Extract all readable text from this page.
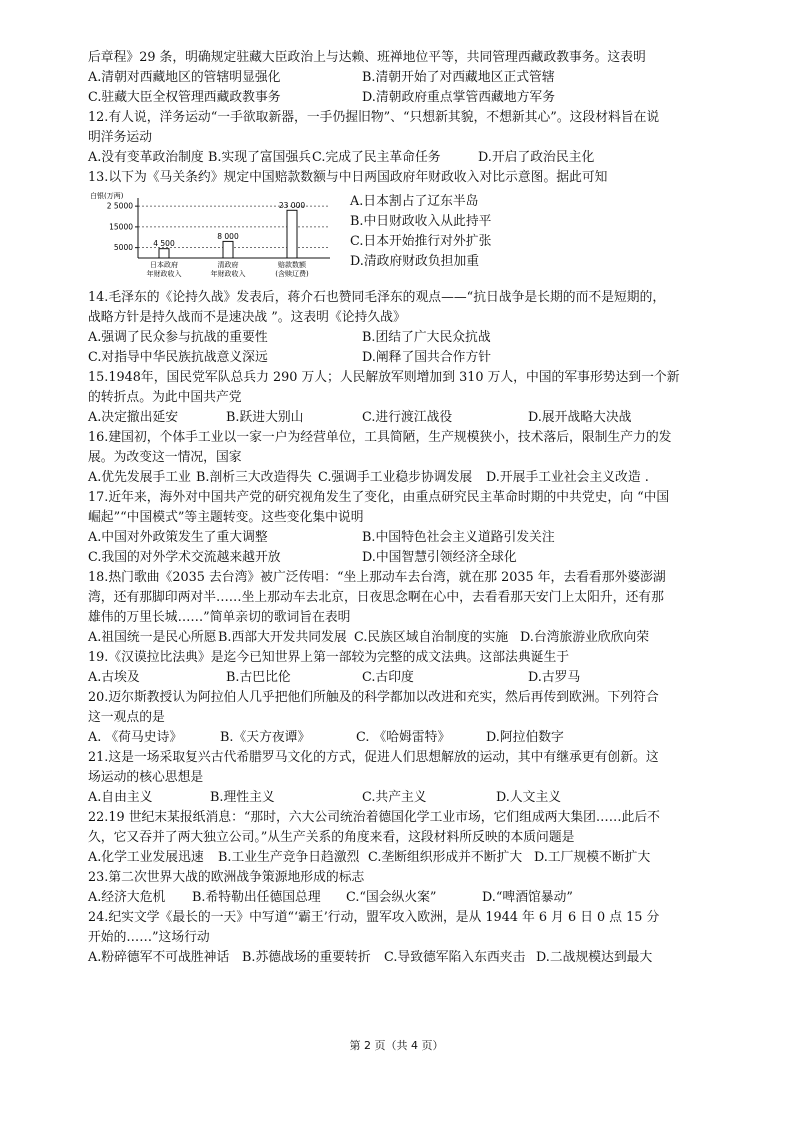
后章程》29 条，明确规定驻藏大臣政治上与达赖、班禅地位平等，共同管理西藏政教事务。这表明
A.清朝对西藏地区的管辖明显强化	B.清朝开始了对西藏地区正式管辖
C.驻藏大臣全权管理西藏政教事务	D.清朝政府重点掌管西藏地方军务
12.有人说，洋务运动“一手欲取新器，一手仍握旧物”、“只想新其貌，不想新其心”。这段材料旨在说
明洋务运动
A.没有变革政治制度 B.实现了富国强兵 C.完成了民主革命任务	D.开启了政治民主化
13.以下为《马关条约》规定中国赔款数额与中日两国政府年财政收入对比示意图。据此可知
白银(万两)
5000
15000
2 5000
4 500
日本政府
年财政收入
8 000
清政府
年财政收入
23 000
赔款数额
(含赎辽费)
A.日本割占了辽东半岛
B.中日财政收入从此持平
C.日本开始推行对外扩张
D.清政府财政负担加重
14.毛泽东的《论持久战》发表后，蒋介石也赞同毛泽东的观点——“抗日战争是长期的而不是短期的，
战略方针是持久战而不是速决战 ”。这表明《论持久战》
A.强调了民众参与抗战的重要性	B.团结了广大民众抗战
C.对指导中华民族抗战意义深远	D.阐释了国共合作方针
15.1948年，国民党军队总兵力 290 万人；人民解放军则增加到 310 万人，中国的军事形势达到一个新
的转折点。为此中国共产党
A.决定撤出延安	B.跃进大别山	C.进行渡江战役	D.展开战略大决战
16.建国初，个体手工业以一家一户为经营单位，工具简陋，生产规模狭小，技术落后，限制生产力的发
展。为改变这一情况，国家
A.优先发展手工业 B.剖析三大改造得失 C.强调手工业稳步协调发展	D.开展手工业社会主义改造 .
17.近年来，海外对中国共产党的研究视角发生了变化，由重点研究民主革命时期的中共党史，向 “中国
崛起”“中国模式”等主题转变。这些变化集中说明
A.中国对外政策发生了重大调整	B.中国特色社会主义道路引发关注
C.我国的对外学术交流越来越开放	D.中国智慧引领经济全球化
18.热门歌曲《2035 去台湾》被广泛传唱：“坐上那动车去台湾，就在那 2035 年，去看看那外婆澎湖
湾，还有那脚印两对半……坐上那动车去北京，日夜思念啊在心中，去看看那天安门上太阳升，还有那
雄伟的万里长城……”简单亲切的歌词旨在表明
A.祖国统一是民心所愿 B.西部大开发共同发展 C.民族区域自治制度的实施 D.台湾旅游业欣欣向荣
19.《汉谟拉比法典》是迄今已知世界上第一部较为完整的成文法典。这部法典诞生于
A.古埃及	B.古巴比伦	C.古印度	D.古罗马
20.迈尔斯教授认为阿拉伯人几乎把他们所触及的科学都加以改进和充实，然后再传到欧洲。下列符合
这一观点的是
A. 《荷马史诗》	B.《天方夜谭》	C. 《哈姆雷特》	D.阿拉伯数字
21.这是一场采取复兴古代希腊罗马文化的方式，促进人们思想解放的运动，其中有继承更有创新。这
场运动的核心思想是
A.自由主义	B.理性主义	C.共产主义	D.人文主义
22.19 世纪末某报纸消息：“那时，六大公司统治着德国化学工业市场，它们组成两大集团……此后不
久，它又吞并了两大独立公司。”从生产关系的角度来看，这段材料所反映的本质问题是
A.化学工业发展迅速	B.工业生产竞争日趋激烈 C.垄断组织形成并不断扩大 D.工厂规模不断扩大
23.第二次世界大战的欧洲战争策源地形成的标志
A.经济大危机	B.希特勒出任德国总理	C.“国会纵火案”	D.“啤酒馆暴动”
24.纪实文学《最长的一天》中写道“‘霸王’行动，盟军攻入欧洲，是从 1944 年 6 月 6 日 0 点 15 分
开始的……”这场行动
A.粉碎德军不可战胜神话 B.苏德战场的重要转折	C.导致德军陷入东西夹击 D.二战规模达到最大
第 2 页（共 4 页）
